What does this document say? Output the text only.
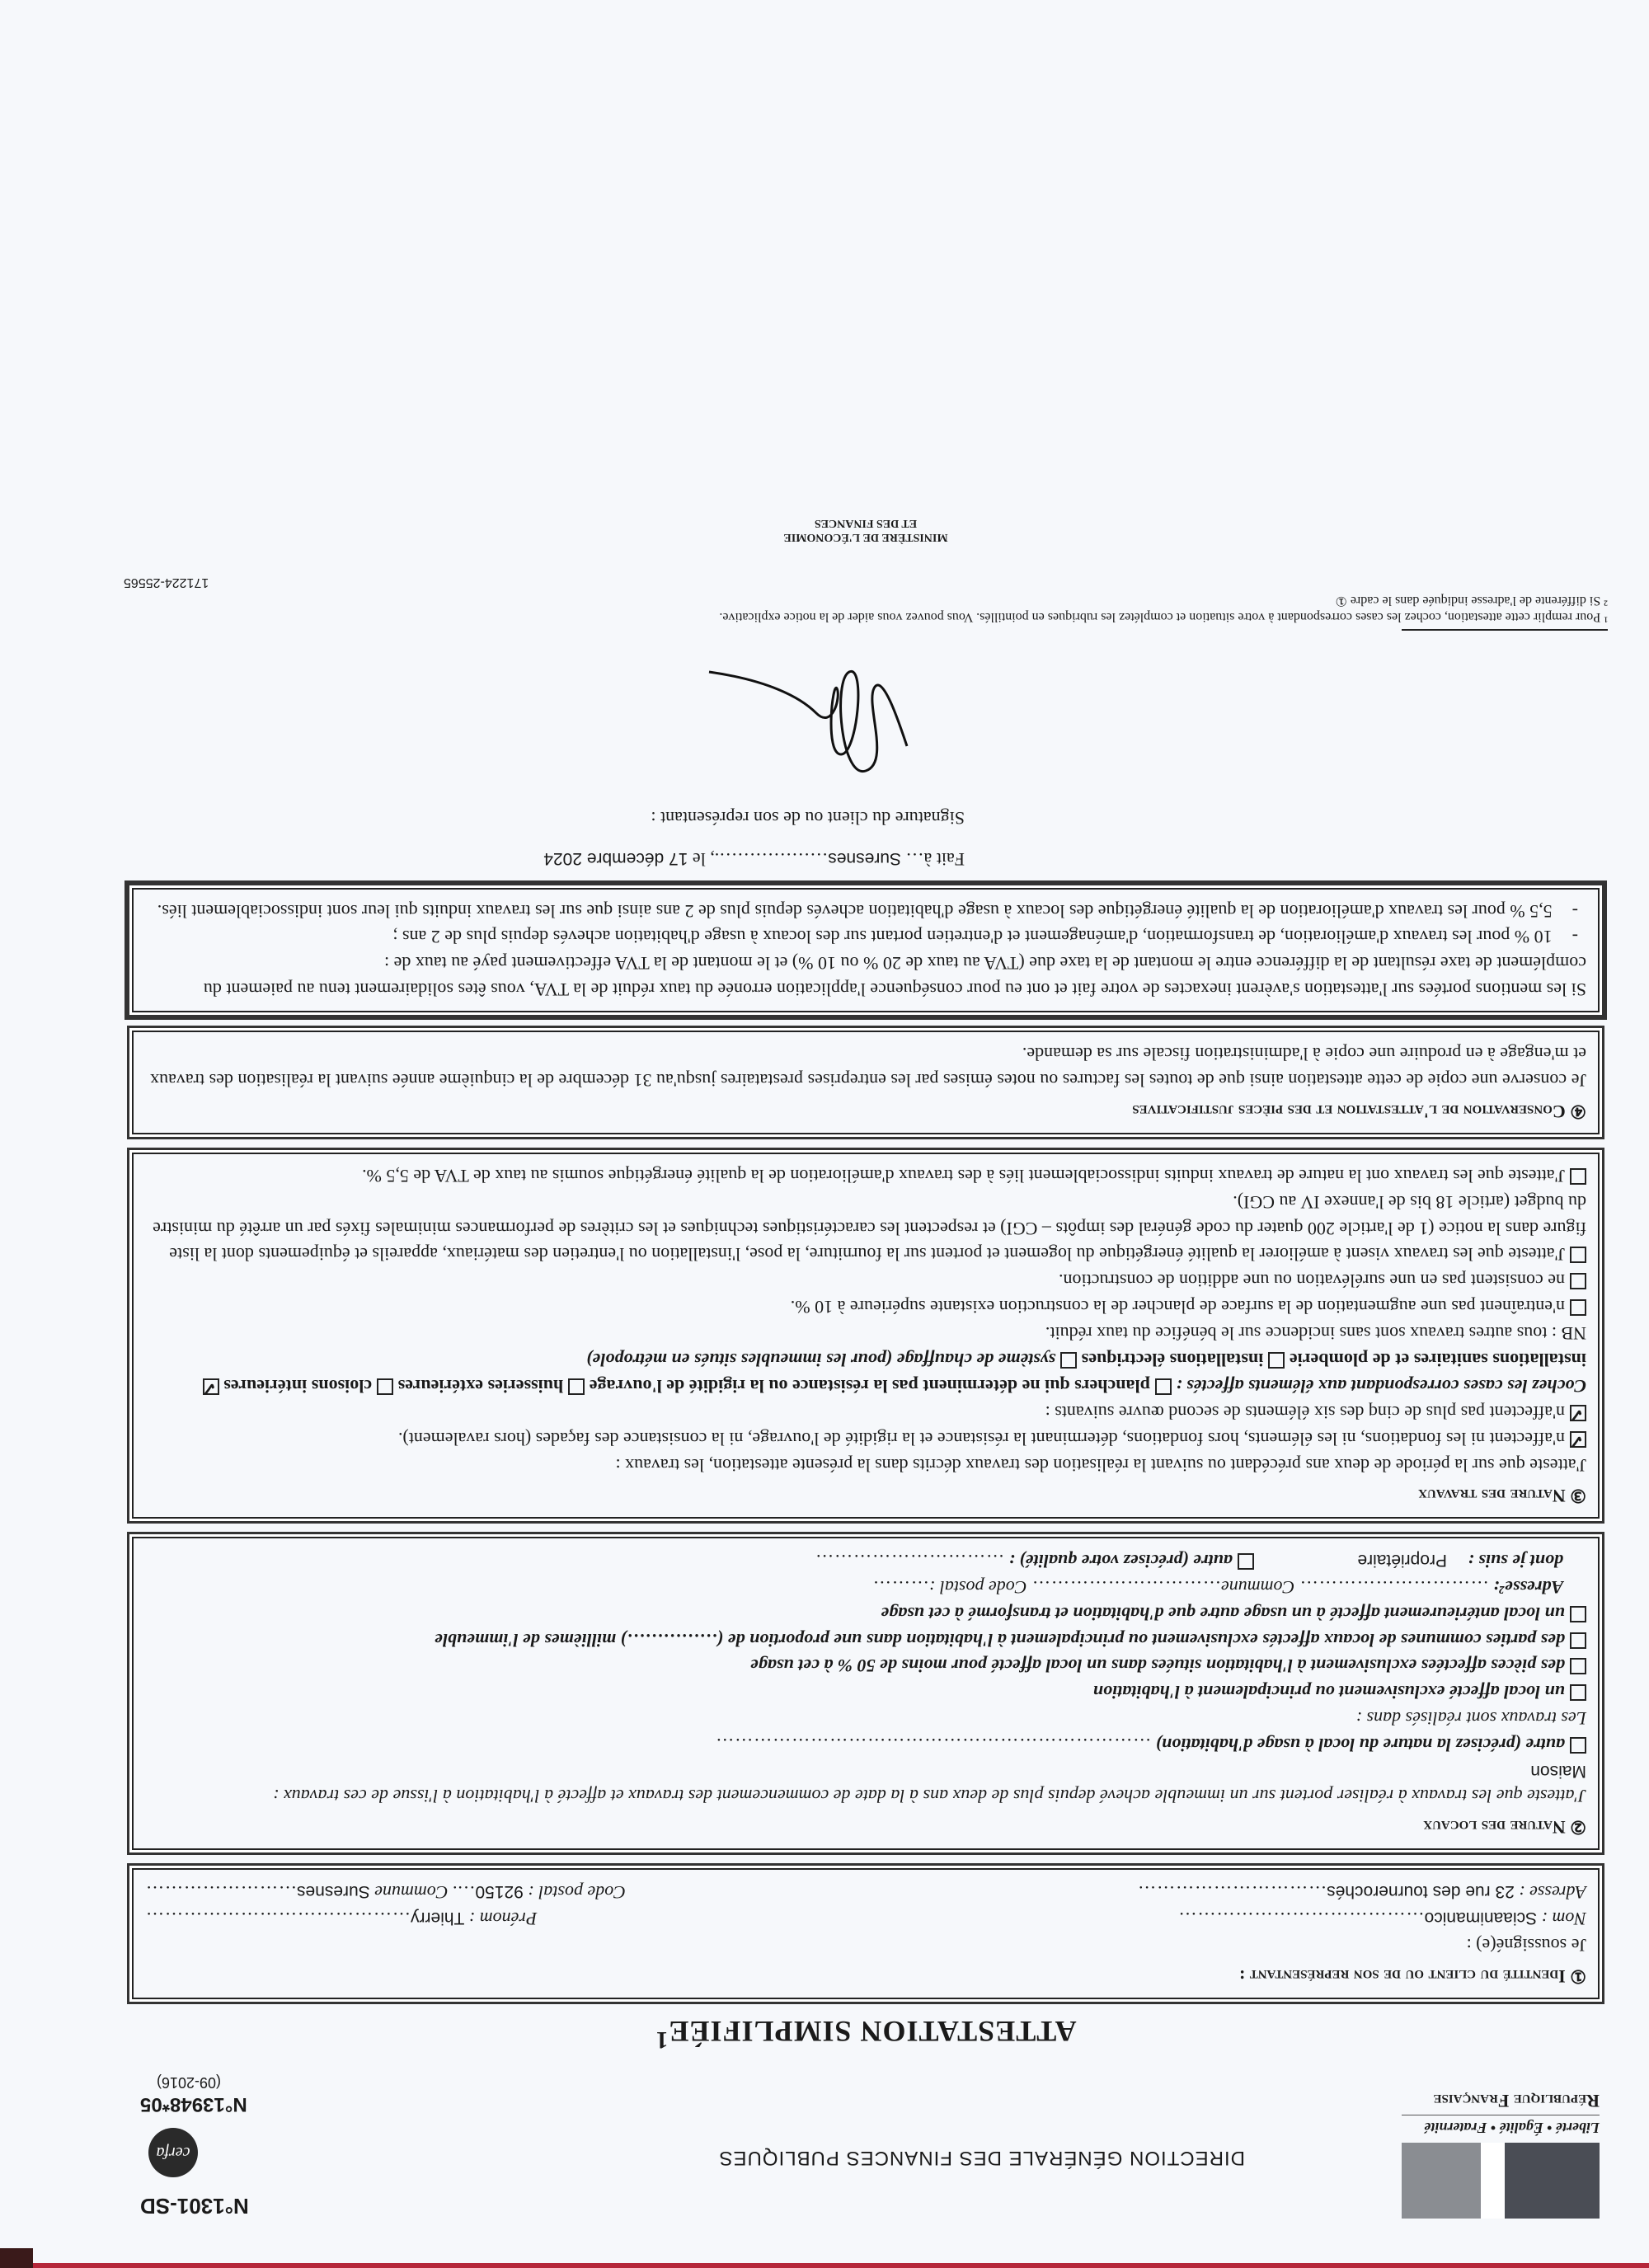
Liberté • Égalité • Fraternité
République Française
DIRECTION GÉNÉRALE DES FINANCES PUBLIQUES
N°1301-SD
cerfa
N°13948*05
(09-2016)
ATTESTATION SIMPLIFIÉE$^1$
① Identité du client ou de son représentant :
Je soussigné(e) :
Nom : Sciaanimanico…………………………………
Prénom : Thierry……………………………………
Adresse : 23 rue des tournerochés…………………………
Code postal : 92150…. Commune Suresnes……………………
② Nature des locaux
J'atteste que les travaux à réaliser portent sur un immeuble achevé depuis plus de deux ans à la date de commencement des travaux et affecté à l'habitation à l'issue de ces travaux :
Maison
autre (précisez la nature du local à usage d'habitation) ……………………………………………………………
Les travaux sont réalisés dans :
un local affecté exclusivement ou principalement à l'habitation
des pièces affectées exclusivement à l'habitation situées dans un local affecté pour moins de 50 % à cet usage
des parties communes de locaux affectés exclusivement ou principalement à l'habitation dans une proportion de (……………) millièmes de l'immeuble
un local antérieurement affecté à un usage autre que d'habitation et transformé à cet usage
Adresse²: ………………………… Commune………………………… Code postal :………
dont je suis : Propriétaire autre (précisez votre qualité) : …………………………
③ Nature des travaux
J'atteste que sur la période de deux ans précédant ou suivant la réalisation des travaux décrits dans la présente attestation, les travaux :
✓n'affectent ni les fondations, ni les éléments, hors fondations, déterminant la résistance et la rigidité de l'ouvrage, ni la consistance des façades (hors ravalement).
✓n'affectent pas plus de cinq des six éléments de second œuvre suivants :
Cochez les cases correspondant aux éléments affectés : planchers qui ne déterminent pas la résistance ou la rigidité de l'ouvrage huisseries extérieures cloisons intérieures ✓installations sanitaires et de plomberie installations électriques système de chauffage (pour les immeubles situés en métropole)
NB : tous autres travaux sont sans incidence sur le bénéfice du taux réduit.
n'entraînent pas une augmentation de la surface de plancher de la construction existante supérieure à 10 %.
ne consistent pas en une surélévation ou une addition de construction.
J'atteste que les travaux visent à améliorer la qualité énergétique du logement et portent sur la fourniture, la pose, l'installation ou l'entretien des matériaux, appareils et équipements dont la liste figure dans la notice (1 de l'article 200 quater du code général des impôts – CGI) et respectent les caractéristiques techniques et les critères de performances minimales fixés par un arrêté du ministre du budget (article 18 bis de l'annexe IV au CGI).
J'atteste que les travaux ont la nature de travaux induits indissociablement liés à des travaux d'amélioration de la qualité énergétique soumis au taux de TVA de 5,5 %.
④ Conservation de l'attestation et des pièces justificatives
Je conserve une copie de cette attestation ainsi que de toutes les factures ou notes émises par les entreprises prestataires jusqu'au 31 décembre de la cinquième année suivant la réalisation des travaux et m'engage à en produire une copie à l'administration fiscale sur sa demande.
Si les mentions portées sur l'attestation s'avèrent inexactes de votre fait et ont eu pour conséquence l'application erronée du taux réduit de la TVA, vous êtes solidairement tenu au paiement du complément de taxe résultant de la différence entre le montant de la taxe due (TVA au taux de 20 % ou 10 %) et le montant de la TVA effectivement payé au taux de :
-
10 % pour les travaux d'amélioration, de transformation, d'aménagement et d'entretien portant sur des locaux à usage d'habitation achevés depuis plus de 2 ans ;
-
5,5 % pour les travaux d'amélioration de la qualité énergétique des locaux à usage d'habitation achevés depuis plus de 2 ans ainsi que sur les travaux induits qui leur sont indissociablement liés.
Fait à… Suresnes………………., le 17 décembre 2024
Signature du client ou de son représentant :
¹ Pour remplir cette attestation, cochez les cases correspondant à votre situation et complétez les rubriques en pointillés. Vous pouvez vous aider de la notice explicative.
² Si différente de l'adresse indiquée dans le cadre ①
171224-25565
MINISTÈRE DE L'ÉCONOMIE
ET DES FINANCES
